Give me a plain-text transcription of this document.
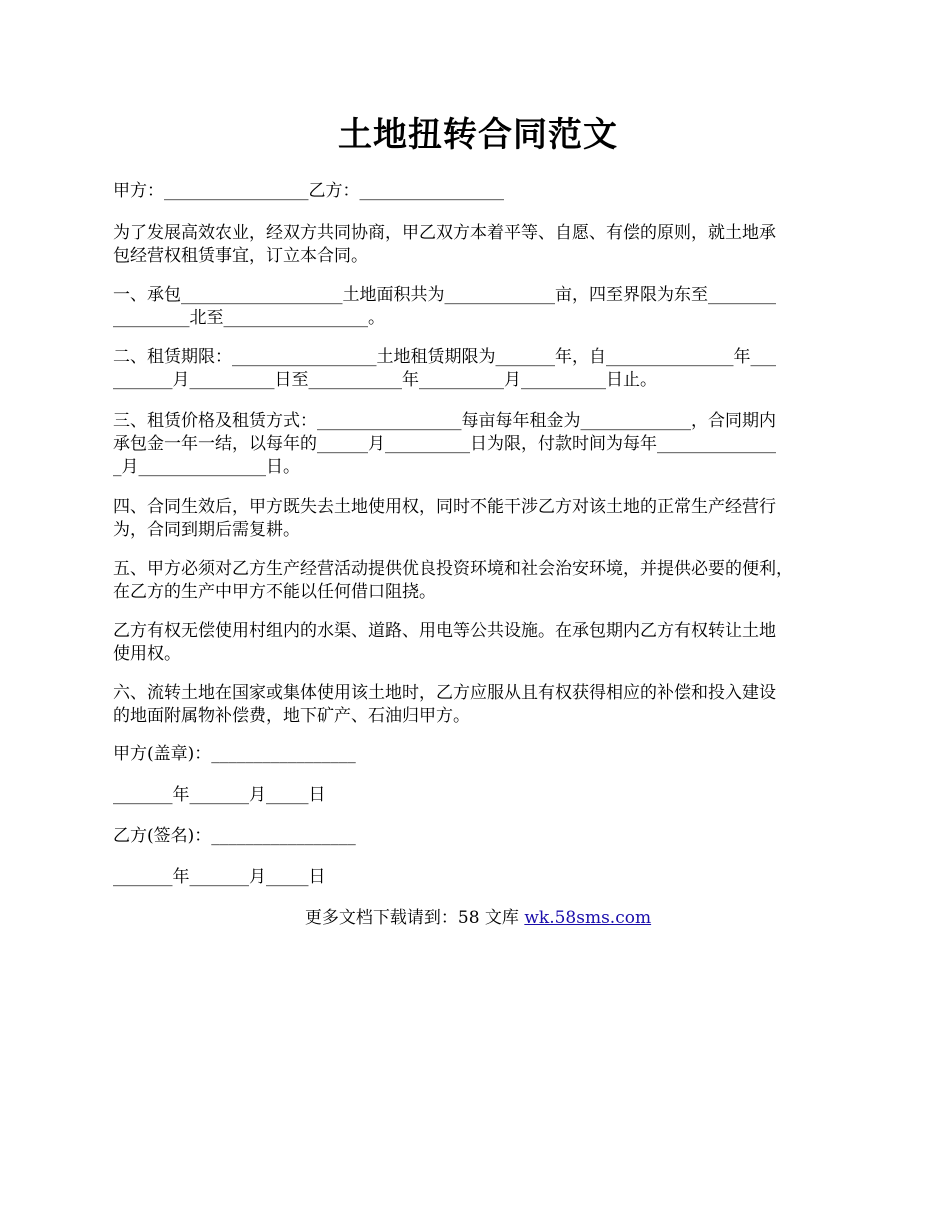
土地扭转合同范文
甲方：_________________乙方：_________________
为了发展高效农业，经双方共同协商，甲乙双方本着平等、自愿、有偿的原则，就土地承
包经营权租赁事宜，订立本合同。
一、承包___________________土地面积共为_____________亩，四至界限为东至________
_________北至_________________。
二、租赁期限：_________________土地租赁期限为_______年，自_______________年___
_______月__________日至___________年__________月__________日止。
三、租赁价格及租赁方式：_________________每亩每年租金为_____________，合同期内
承包金一年一结，以每年的______月__________日为限，付款时间为每年______________
_月_______________日。
四、合同生效后，甲方既失去土地使用权，同时不能干涉乙方对该土地的正常生产经营行
为，合同到期后需复耕。
五、甲方必须对乙方生产经营活动提供优良投资环境和社会治安环境，并提供必要的便利，
在乙方的生产中甲方不能以任何借口阻挠。
乙方有权无偿使用村组内的水渠、道路、用电等公共设施。在承包期内乙方有权转让土地
使用权。
六、流转土地在国家或集体使用该土地时，乙方应服从且有权获得相应的补偿和投入建设
的地面附属物补偿费，地下矿产、石油归甲方。
甲方(盖章)：_________________
_______年_______月_____日
乙方(签名)：_________________
_______年_______月_____日
更多文档下载请到：58 文库 wk.58sms.com
